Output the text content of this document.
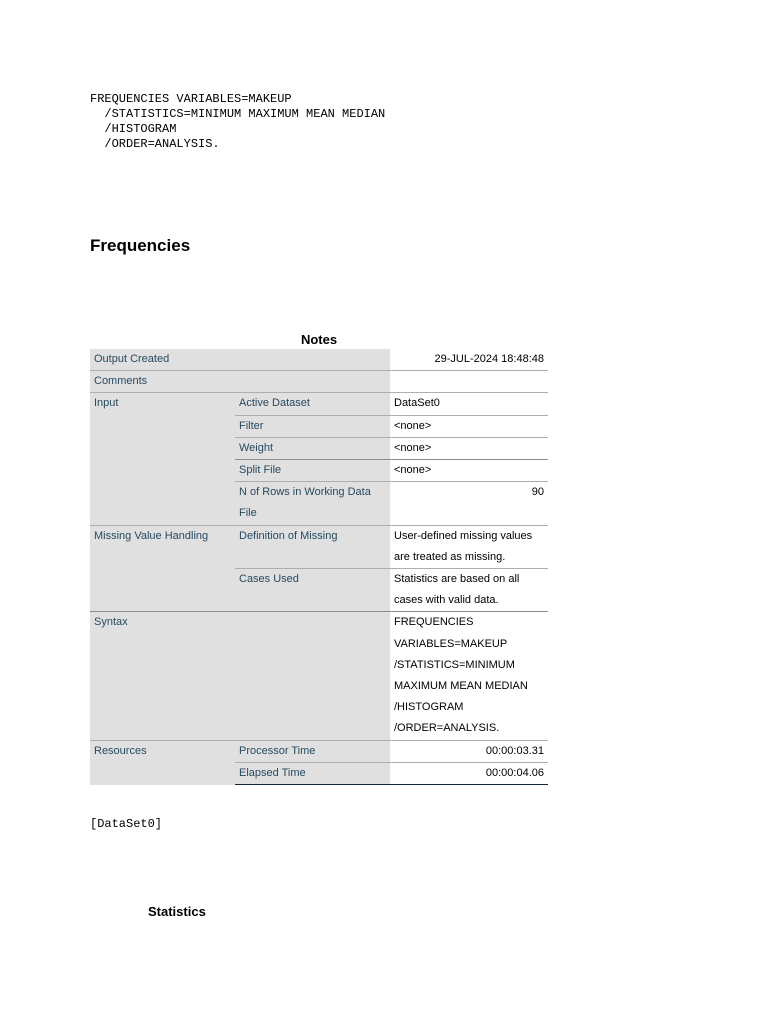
FREQUENCIES VARIABLES=MAKEUP
/STATISTICS=MINIMUM MAXIMUM MEAN MEDIAN
/HISTOGRAM
/ORDER=ANALYSIS.
Frequencies
Notes
Output Created		29-JUL-2024 18:48:48
Comments		
Input	Active Dataset	DataSet0
	Filter	<none>
	Weight	<none>
	Split File	<none>
	N of Rows in Working Data File	90
Missing Value Handling	Definition of Missing	User-defined missing values are treated as missing.
	Cases Used	Statistics are based on all cases with valid data.
Syntax		FREQUENCIES VARIABLES=MAKEUP /STATISTICS=MINIMUM MAXIMUM MEAN MEDIAN /HISTOGRAM /ORDER=ANALYSIS.
Resources	Processor Time	00:00:03.31
	Elapsed Time	00:00:04.06
[DataSet0]
Statistics
